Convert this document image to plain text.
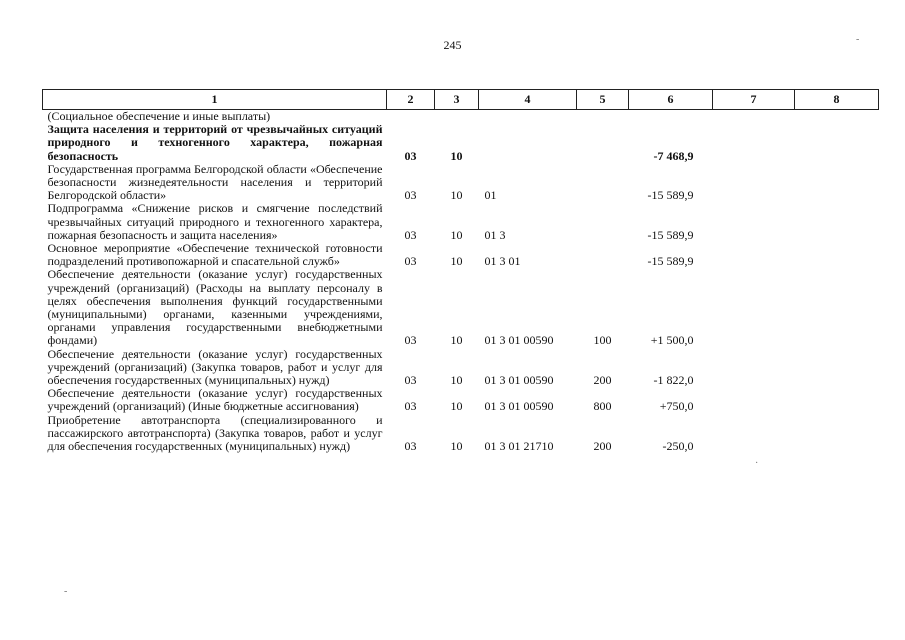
245
1	2	3	4	5	6	7	8
(Социальное обеспечение и иные выплаты)							
Защита населения и территорий от чрезвычайных ситуаций природного и техногенного характера, пожарная безопасность	03	10			-7 468,9		
Государственная программа Белгородской области «Обеспечение безопасности жизнедеятельности населения и территорий Белгородской области»	03	10	01		-15 589,9		
Подпрограмма «Снижение рисков и смягчение последствий чрезвычайных ситуаций природного и техногенного характера, пожарная безопасность и защита населения»	03	10	01 3		-15 589,9		
Основное мероприятие «Обеспечение технической готовности подразделений противопожарной и спасательной служб»	03	10	01 3 01		-15 589,9		
Обеспечение деятельности (оказание услуг) государственных учреждений (организаций) (Расходы на выплату персоналу в целях обеспечения выполнения функций государственными (муниципальными) органами, казенными учреждениями, органами управления государственными внебюджетными фондами)	03	10	01 3 01 00590	100	+1 500,0		
Обеспечение деятельности (оказание услуг) государственных учреждений (организаций) (Закупка товаров, работ и услуг для обеспечения государственных (муниципальных) нужд)	03	10	01 3 01 00590	200	-1 822,0		
Обеспечение деятельности (оказание услуг) государственных учреждений (организаций) (Иные бюджетные ассигнования)	03	10	01 3 01 00590	800	+750,0		
Приобретение автотранспорта (специализированного и пассажирского автотранспорта) (Закупка товаров, работ и услуг для обеспечения государственных (муниципальных) нужд)	03	10	01 3 01 21710	200	-250,0		
-
·
-
